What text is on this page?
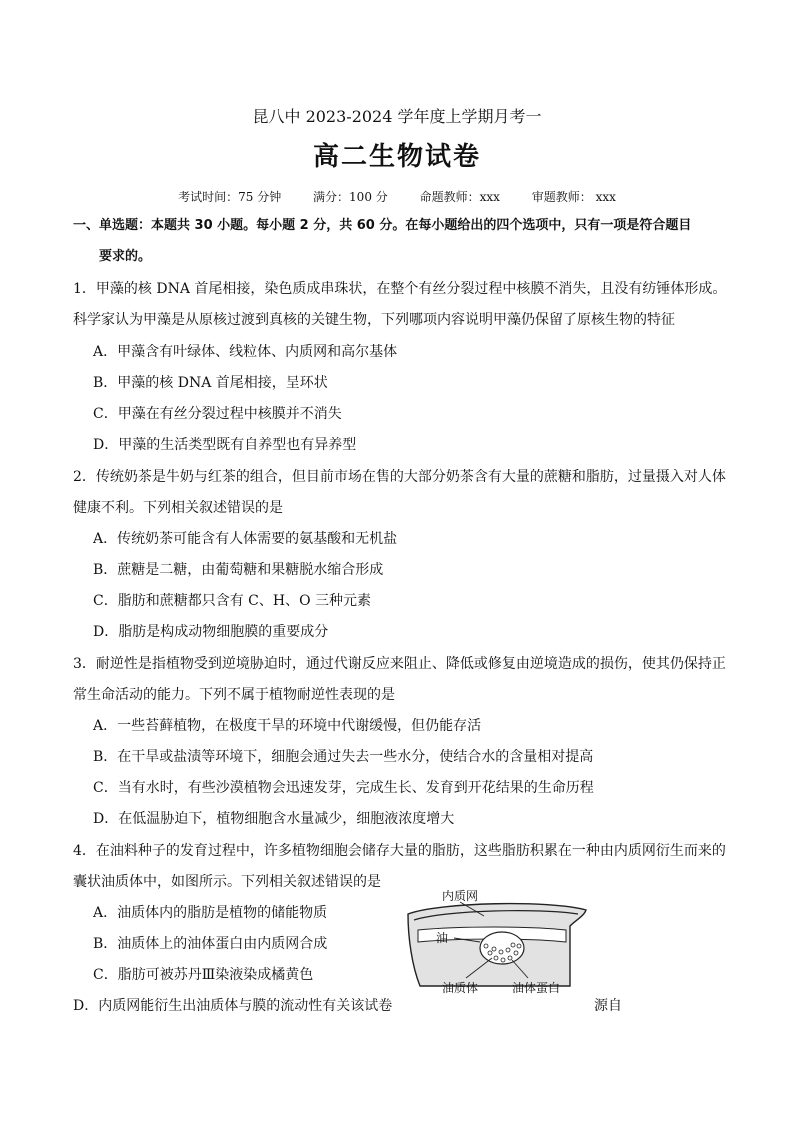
昆八中 2023-2024 学年度上学期月考一
高二生物试卷
考试时间：75 分钟	满分：100 分	命题教师：xxx	审题教师： xxx
一、单选题：本题共 30 小题。每小题 2 分，共 60 分。在每小题给出的四个选项中，只有一项是符合题目
要求的。
1．甲藻的核 DNA 首尾相接，染色质成串珠状，在整个有丝分裂过程中核膜不消失，且没有纺锤体形成。
科学家认为甲藻是从原核过渡到真核的关键生物，下列哪项内容说明甲藻仍保留了原核生物的特征
A．甲藻含有叶绿体、线粒体、内质网和高尔基体
B．甲藻的核 DNA 首尾相接，呈环状
C．甲藻在有丝分裂过程中核膜并不消失
D．甲藻的生活类型既有自养型也有异养型
2．传统奶茶是牛奶与红茶的组合，但目前市场在售的大部分奶茶含有大量的蔗糖和脂肪，过量摄入对人体
健康不利。下列相关叙述错误的是
A．传统奶茶可能含有人体需要的氨基酸和无机盐
B．蔗糖是二糖，由葡萄糖和果糖脱水缩合形成
C．脂肪和蔗糖都只含有 C、H、O 三种元素
D．脂肪是构成动物细胞膜的重要成分
3．耐逆性是指植物受到逆境胁迫时，通过代谢反应来阻止、降低或修复由逆境造成的损伤，使其仍保持正
常生命活动的能力。下列不属于植物耐逆性表现的是
A．一些苔藓植物，在极度干旱的环境中代谢缓慢，但仍能存活
B．在干旱或盐渍等环境下，细胞会通过失去一些水分，使结合水的含量相对提高
C．当有水时，有些沙漠植物会迅速发芽，完成生长、发育到开花结果的生命历程
D．在低温胁迫下，植物细胞含水量减少，细胞液浓度增大
4．在油料种子的发育过程中，许多植物细胞会储存大量的脂肪，这些脂肪积累在一种由内质网衍生而来的
囊状油质体中，如图所示。下列相关叙述错误的是
A．油质体内的脂肪是植物的储能物质
B．油质体上的油体蛋白由内质网合成
C．脂肪可被苏丹Ⅲ染液染成橘黄色
D．内质网能衍生出油质体与膜的流动性有关该试卷	源自
内质网
油
油质体	油体蛋白
